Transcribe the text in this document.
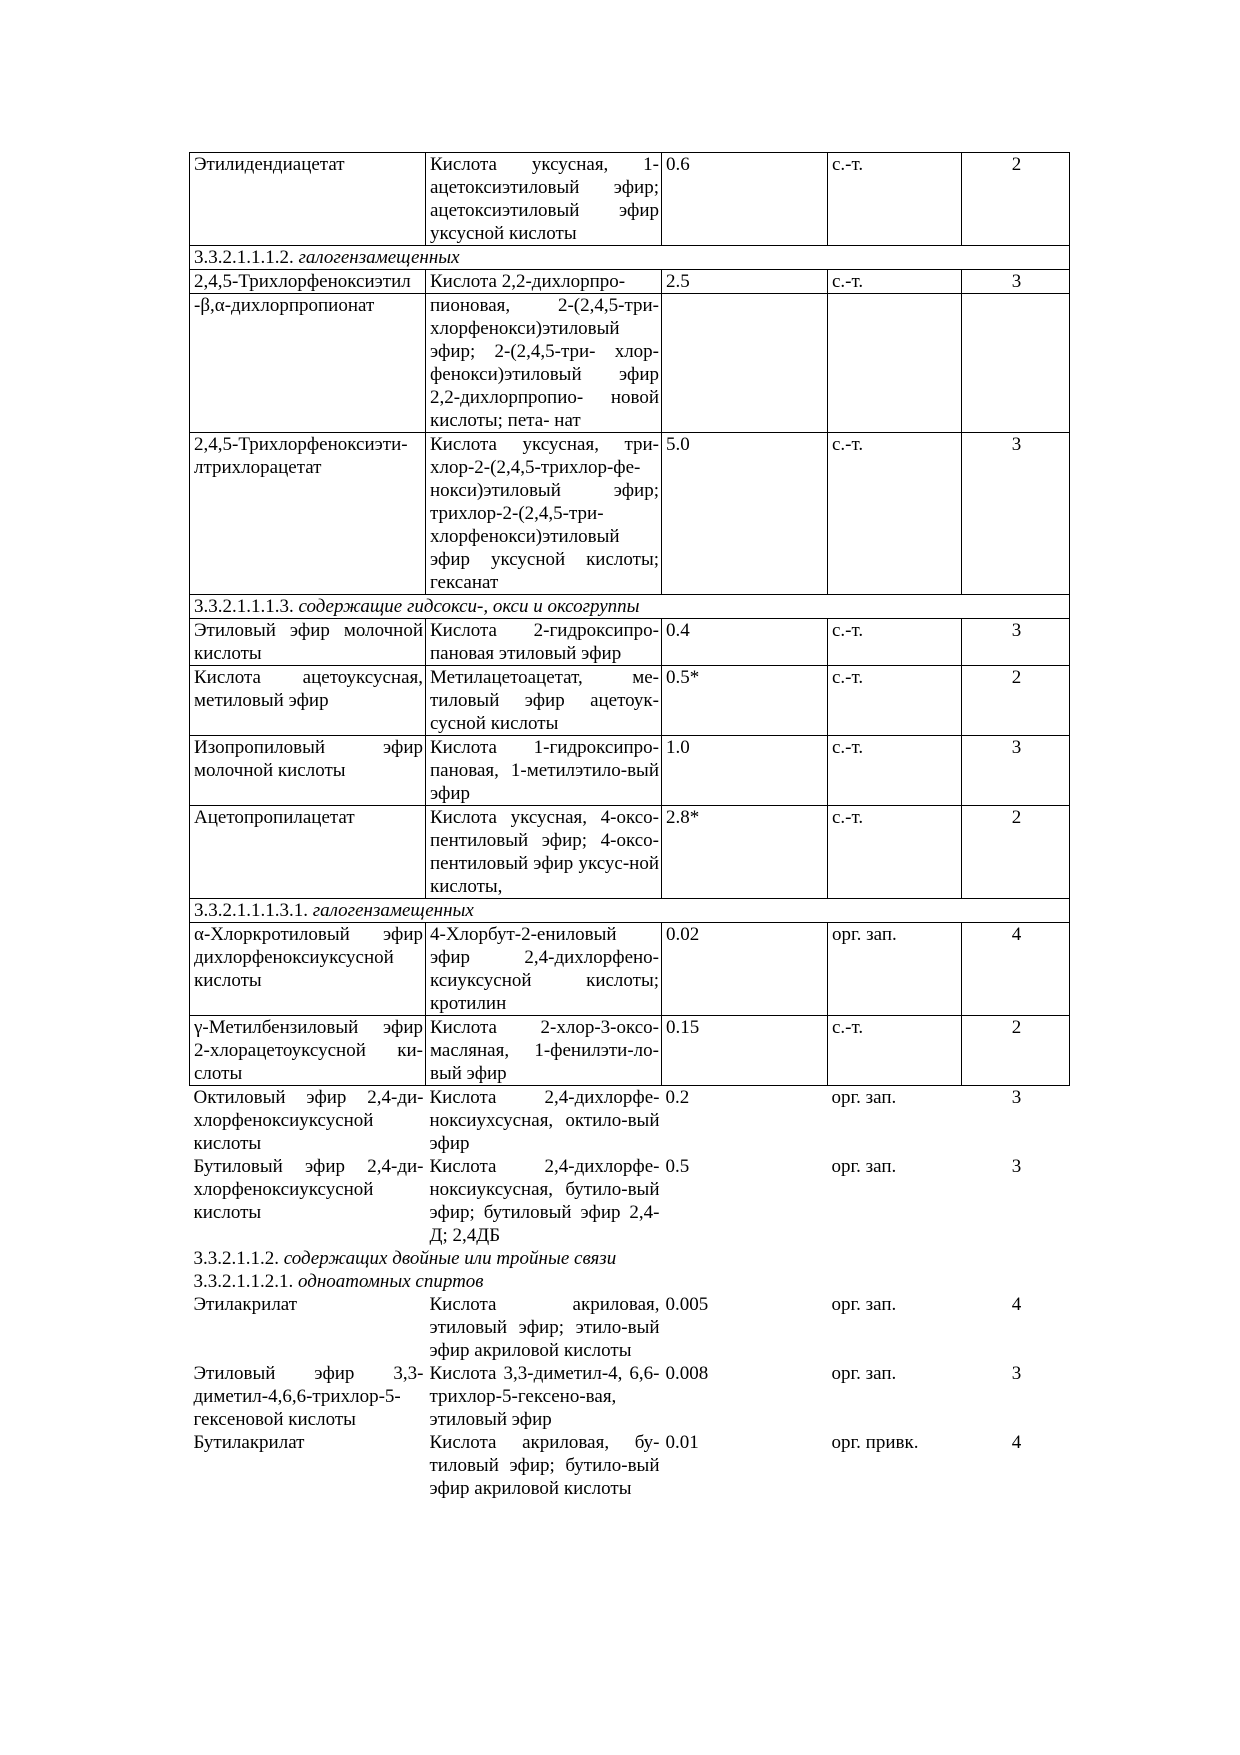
Этилидендиацетат	Кислота уксусная, 1-ацетоксиэтиловый эфир; ацетоксиэтиловый эфир уксусной кислоты	0.6	с.-т.	2
3.3.2.1.1.1.2. галогензамещенных				
2,4,5-Трихлорфеноксиэтил	Кислота 2,2-дихлорпро-	2.5	с.-т.	3
-β,α-дихлорпропионат	пионовая, 2-(2,4,5-три-хлорфенокси)этиловый эфир; 2-(2,4,5-три- хлор-фенокси)этиловый эфир 2,2-дихлорпропио- новой кислоты; пета- нат			
2,4,5-Трихлорфеноксиэти-лтрихлорацетат	Кислота уксусная, три-хлор-2-(2,4,5-трихлор-фе-нокси)этиловый эфир; трихлор-2-(2,4,5-три-хлорфенокси)этиловый эфир уксусной кислоты; гексанат	5.0	с.-т.	3
3.3.2.1.1.1.3. содержащие гидсокси-, окси и оксогруппы				
Этиловый эфир молочной кислоты	Кислота 2-гидроксипро-пановая этиловый эфир	0.4	с.-т.	3
Кислота ацетоуксусная, метиловый эфир	Метилацетоацетат, ме-тиловый эфир ацетоук-сусной кислоты	0.5*	с.-т.	2
Изопропиловый эфир молочной кислоты	Кислота 1-гидроксипро-пановая, 1-метилэтило-вый эфир	1.0	с.-т.	3
Ацетопропилацетат	Кислота уксусная, 4-оксо-пентиловый эфир; 4-оксо-пентиловый эфир уксус-ной кислоты,	2.8*	с.-т.	2
3.3.2.1.1.1.3.1. галогензамещенных				
α-Хлоркротиловый эфир дихлорфеноксиуксусной кислоты	4-Хлорбут-2-ениловый эфир 2,4-дихлорфено-ксиуксусной кислоты; кротилин	0.02	орг. зап.	4
γ-Метилбензиловый эфир 2-хлорацетоуксусной ки-слоты	Кислота 2-хлор-3-оксо-масляная, 1-фенилэти-ло-вый эфир	0.15	с.-т.	2
Октиловый эфир 2,4-ди-хлорфеноксиуксусной кислоты	Кислота 2,4-дихлорфе-ноксиухсусная, октило-вый эфир	0.2	орг. зап.	3
Бутиловый эфир 2,4-ди-хлорфеноксиуксусной кислоты	Кислота 2,4-дихлорфе-ноксиуксусная, бутило-вый эфир; бутиловый эфир 2,4-Д; 2,4ДБ	0.5	орг. зап.	3
3.3.2.1.1.2. содержащих двойные или тройные связи				
3.3.2.1.1.2.1. одноатомных спиртов				
Этилакрилат	Кислота акриловая, этиловый эфир; этило-вый эфир акриловой кислоты	0.005	орг. зап.	4
Этиловый эфир 3,3-диметил-4,6,6-трихлор-5-гексеновой кислоты	Кислота 3,3-диметил-4, 6,6-трихлор-5-гексено-вая, этиловый эфир	0.008	орг. зап.	3
Бутилакрилат	Кислота акриловая, бу-тиловый эфир; бутило-вый эфир акриловой кислоты	0.01	орг. привк.	4
